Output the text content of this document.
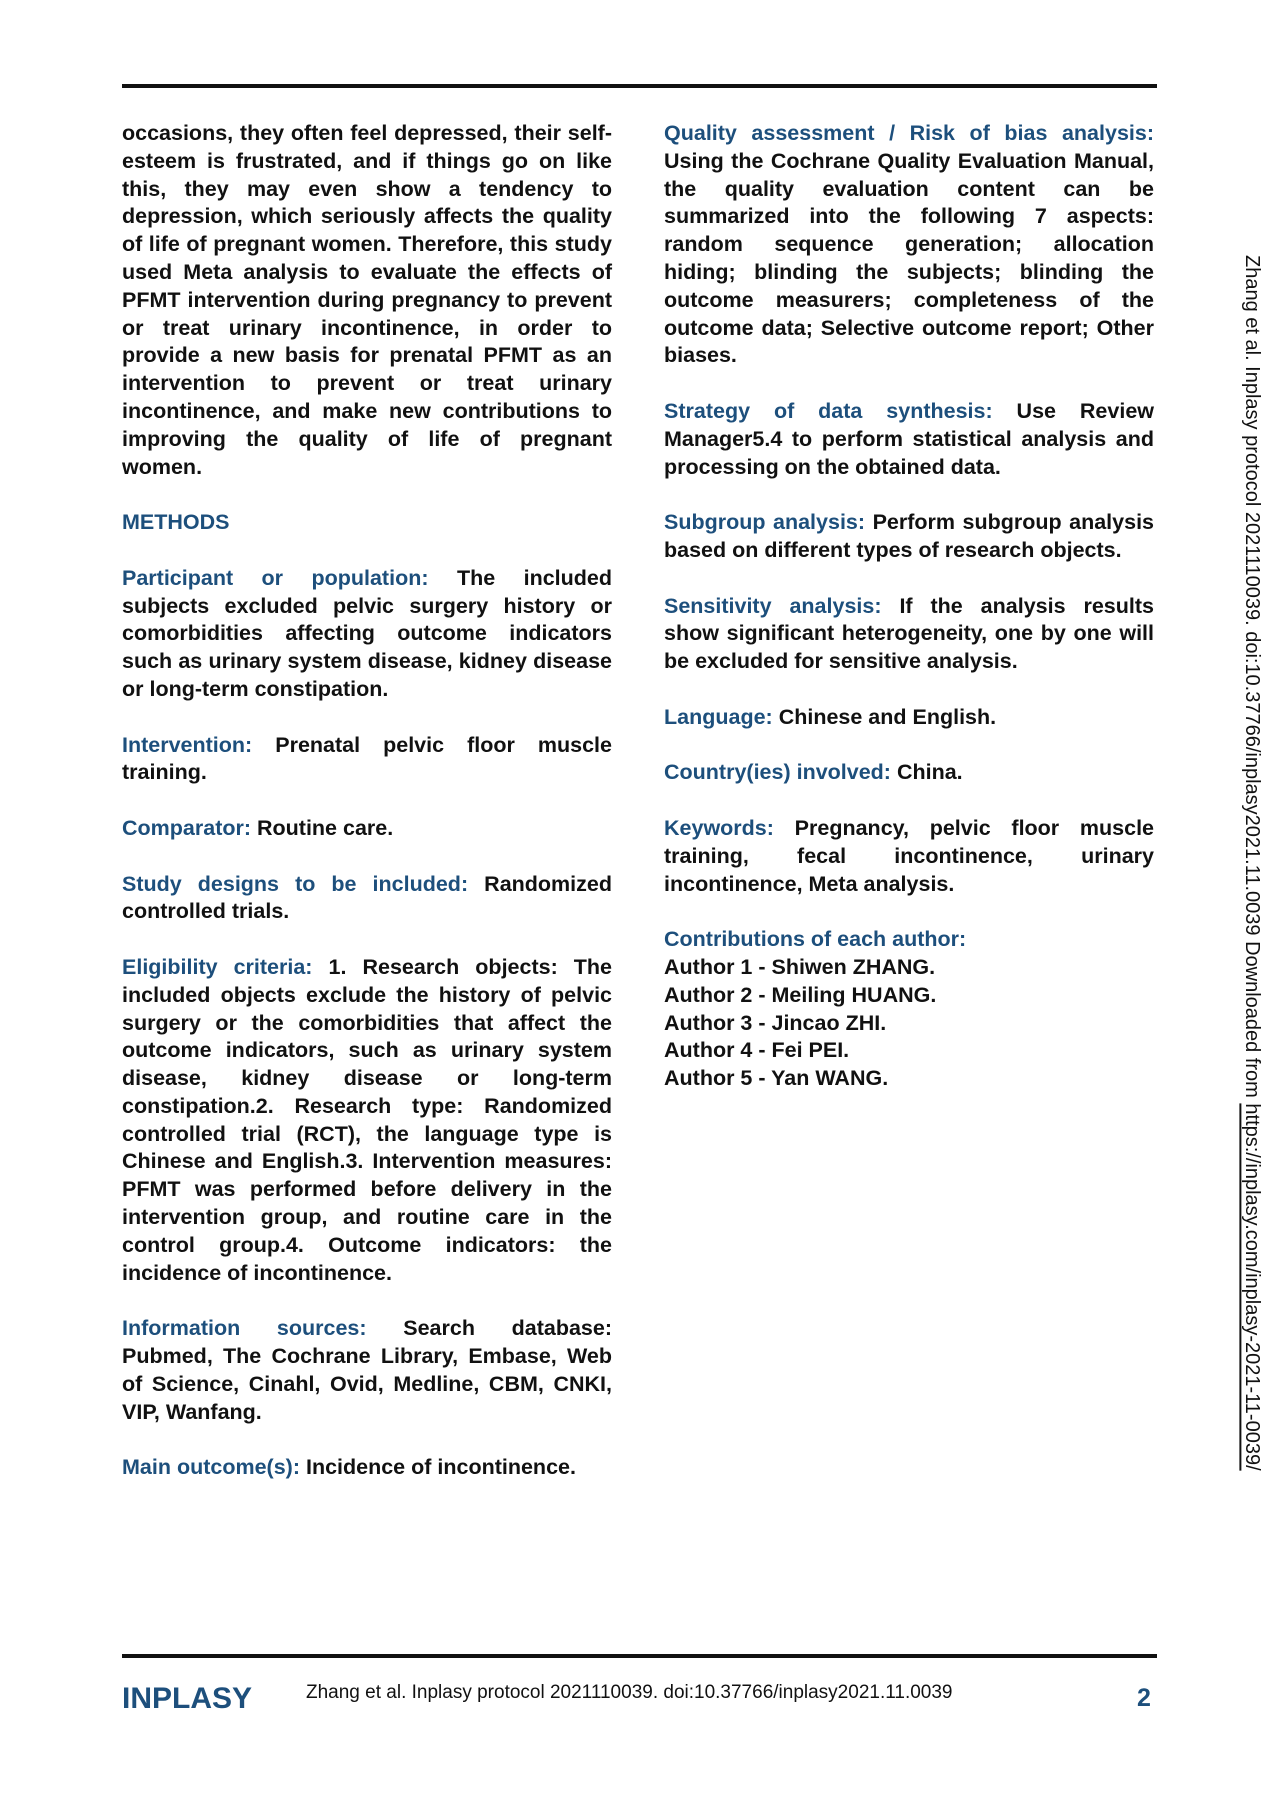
occasions, they often feel depressed, their self-esteem is frustrated, and if things go on like this, they may even show a tendency to depression, which seriously affects the quality of life of pregnant women. Therefore, this study used Meta analysis to evaluate the effects of PFMT intervention during pregnancy to prevent or treat urinary incontinence, in order to provide a new basis for prenatal PFMT as an intervention to prevent or treat urinary incontinence, and make new contributions to improving the quality of life of pregnant women.

METHODS

Participant or population: The included subjects excluded pelvic surgery history or comorbidities affecting outcome indicators such as urinary system disease, kidney disease or long-term constipation.

Intervention: Prenatal pelvic floor muscle training.

Comparator: Routine care.

Study designs to be included: Randomized controlled trials.

Eligibility criteria: 1. Research objects: The included objects exclude the history of pelvic surgery or the comorbidities that affect the outcome indicators, such as urinary system disease, kidney disease or long-term constipation.2. Research type: Randomized controlled trial (RCT), the language type is Chinese and English.3. Intervention measures: PFMT was performed before delivery in the intervention group, and routine care in the control group.4. Outcome indicators: the incidence of incontinence.

Information sources: Search database: Pubmed, The Cochrane Library, Embase, Web of Science, Cinahl, Ovid, Medline, CBM, CNKI, VIP, Wanfang.

Main outcome(s): Incidence of incontinence.

Quality assessment / Risk of bias analysis: Using the Cochrane Quality Evaluation Manual, the quality evaluation content can be summarized into the following 7 aspects: random sequence generation; allocation hiding; blinding the subjects; blinding the outcome measurers; completeness of the outcome data; Selective outcome report; Other biases.

Strategy of data synthesis: Use Review Manager5.4 to perform statistical analysis and processing on the obtained data.

Subgroup analysis: Perform subgroup analysis based on different types of research objects.

Sensitivity analysis: If the analysis results show significant heterogeneity, one by one will be excluded for sensitive analysis.

Language: Chinese and English.

Country(ies) involved: China.

Keywords: Pregnancy, pelvic floor muscle training, fecal incontinence, urinary incontinence, Meta analysis.

Contributions of each author:
Author 1 - Shiwen ZHANG.
Author 2 - Meiling HUANG.
Author 3 - Jincao ZHI.
Author 4 - Fei PEI.
Author 5 - Yan WANG.	Zhang et al. Inplasy protocol 2021110039. doi:10.37766/inplasy2021.11.0039 Downloaded from https://inplasy.com/inplasy-2021-11-0039/
INPLASY	Zhang et al. Inplasy protocol 2021110039. doi:10.37766/inplasy2021.11.0039	2
